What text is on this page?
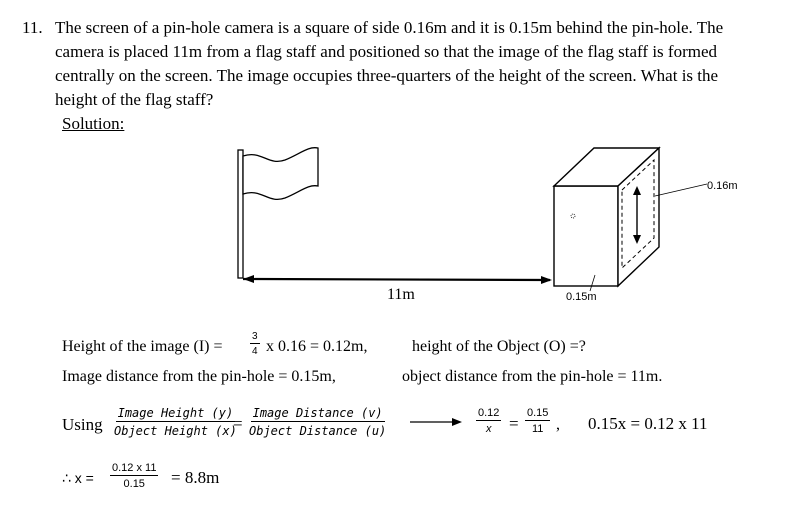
11. The screen of a pin-hole camera is a square of side 0.16m and it is 0.15m behind the pin-hole. The
camera is placed 11m from a flag staff and positioned so that the image of the flag staff is formed
centrally on the screen. The image occupies three-quarters of the height of the screen. What is the
height of the flag staff?
Solution:
0.16m
0.15m
11m
Height of the image (I) =	$\frac{3}{4}$ x 0.16 = 0.12m,	height of the Object (O) =?
Image distance from the pin-hole = 0.15m,	object distance from the pin-hole = 11m.
Using
Image Height (y)
Object Height (x)
=
Image Distance (v)
Object Distance (u)	$\frac{0.12}{x} = \frac{0.15}{11}$ , 0.15x = 0.12 x 11
∴ $x = \frac{0.12 x 11}{0.15} = 8.8m$
